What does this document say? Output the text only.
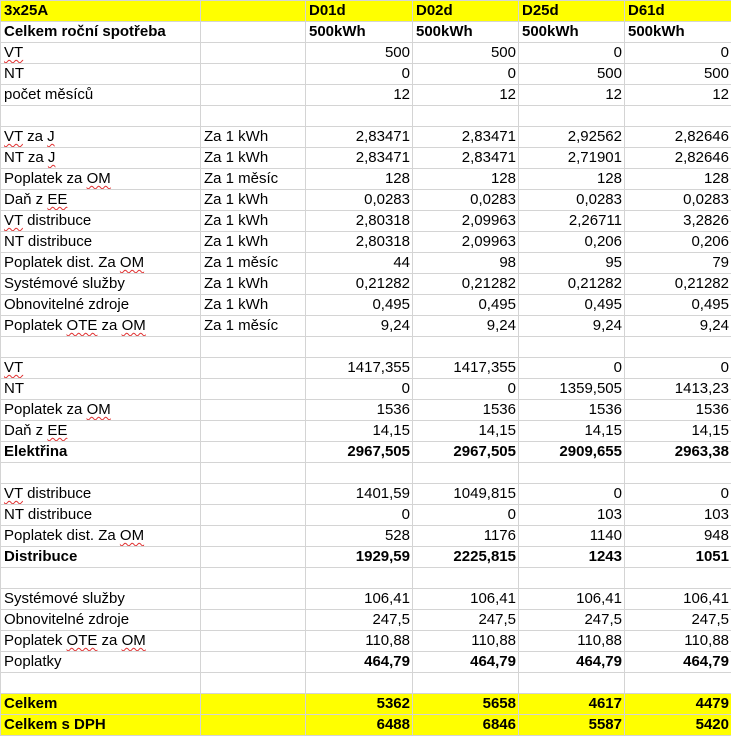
3x25A		D01d	D02d	D25d	D61d
Celkem roční spotřeba		500kWh	500kWh	500kWh	500kWh
VT		500	500	0	0
NT		0	0	500	500
počet měsíců		12	12	12	12

VT za J	Za 1 kWh	2,83471	2,83471	2,92562	2,82646
NT za J	Za 1 kWh	2,83471	2,83471	2,71901	2,82646
Poplatek za OM	Za 1 měsíc	128	128	128	128
Daň z EE	Za 1 kWh	0,0283	0,0283	0,0283	0,0283
VT distribuce	Za 1 kWh	2,80318	2,09963	2,26711	3,2826
NT distribuce	Za 1 kWh	2,80318	2,09963	0,206	0,206
Poplatek dist. Za OM	Za 1 měsíc	44	98	95	79
Systémové služby	Za 1 kWh	0,21282	0,21282	0,21282	0,21282
Obnovitelné zdroje	Za 1 kWh	0,495	0,495	0,495	0,495
Poplatek OTE za OM	Za 1 měsíc	9,24	9,24	9,24	9,24

VT		1417,355	1417,355	0	0
NT		0	0	1359,505	1413,23
Poplatek za OM		1536	1536	1536	1536
Daň z EE		14,15	14,15	14,15	14,15
Elektřina		2967,505	2967,505	2909,655	2963,38

VT distribuce		1401,59	1049,815	0	0
NT distribuce		0	0	103	103
Poplatek dist. Za OM		528	1176	1140	948
Distribuce		1929,59	2225,815	1243	1051

Systémové služby		106,41	106,41	106,41	106,41
Obnovitelné zdroje		247,5	247,5	247,5	247,5
Poplatek OTE za OM		110,88	110,88	110,88	110,88
Poplatky		464,79	464,79	464,79	464,79

Celkem		5362	5658	4617	4479
Celkem s DPH		6488	6846	5587	5420
